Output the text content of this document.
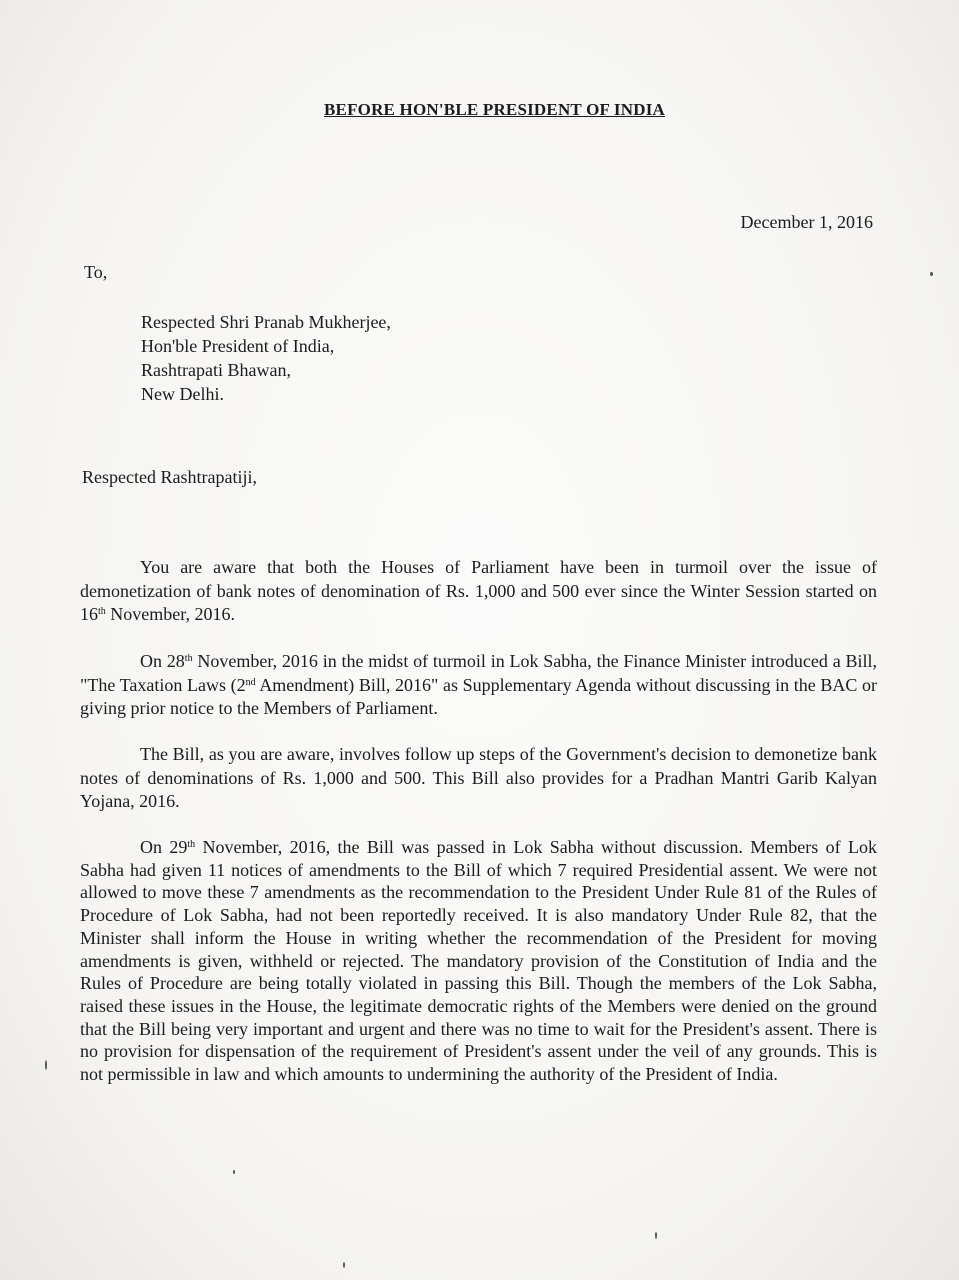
BEFORE HON'BLE PRESIDENT OF INDIA
December 1, 2016
To,
Respected Shri Pranab Mukherjee,
Hon'ble President of India,
Rashtrapati Bhawan,
New Delhi.
Respected Rashtrapatiji,

You are aware that both the Houses of Parliament have been in turmoil over the issue of demonetization of bank notes of denomination of Rs. 1,000 and 500 ever since the Winter Session started on 16th November, 2016.

On 28th November, 2016 in the midst of turmoil in Lok Sabha, the Finance Minister introduced a Bill, "The Taxation Laws (2nd Amendment) Bill, 2016" as Supplementary Agenda without discussing in the BAC or giving prior notice to the Members of Parliament.

The Bill, as you are aware, involves follow up steps of the Government's decision to demonetize bank notes of denominations of Rs. 1,000 and 500. This Bill also provides for a Pradhan Mantri Garib Kalyan Yojana, 2016.

On 29th November, 2016, the Bill was passed in Lok Sabha without discussion. Members of Lok Sabha had given 11 notices of amendments to the Bill of which 7 required Presidential assent. We were not allowed to move these 7 amendments as the recommendation to the President Under Rule 81 of the Rules of Procedure of Lok Sabha, had not been reportedly received. It is also mandatory Under Rule 82, that the Minister shall inform the House in writing whether the recommendation of the President for moving amendments is given, withheld or rejected. The mandatory provision of the Constitution of India and the Rules of Procedure are being totally violated in passing this Bill. Though the members of the Lok Sabha, raised these issues in the House, the legitimate democratic rights of the Members were denied on the ground that the Bill being very important and urgent and there was no time to wait for the President's assent. There is no provision for dispensation of the requirement of President's assent under the veil of any grounds. This is not permissible in law and which amounts to undermining the authority of the President of India.
